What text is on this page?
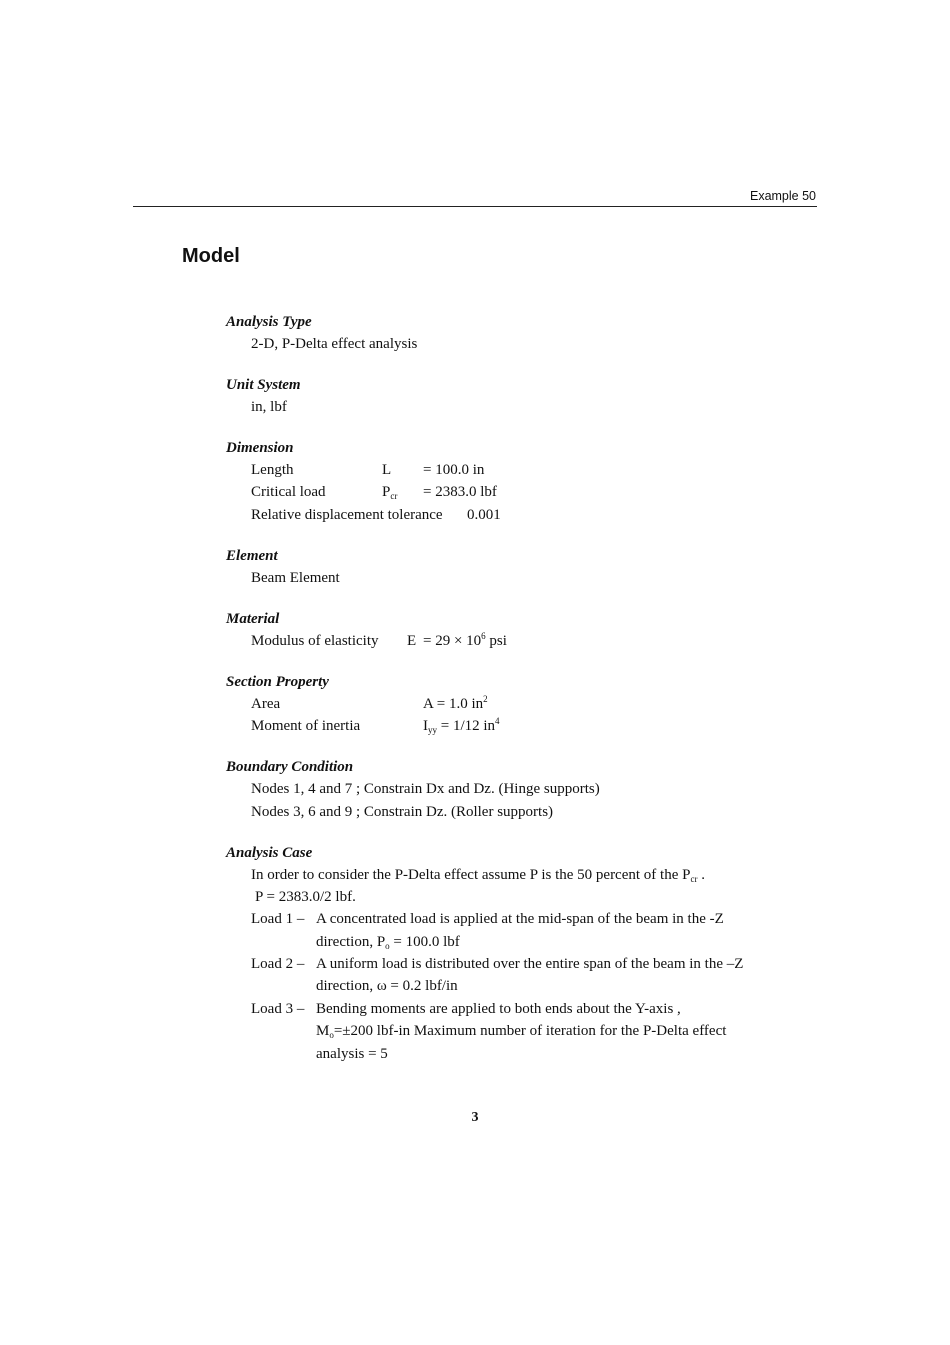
Example 50
Model
Analysis Type
2-D, P-Delta effect analysis
Unit System
in, lbf
Dimension
Length	L = 100.0 in
Critical load	$P_{cr} = 2383.0$ lbf
Relative displacement tolerance 0.001
Element
Beam Element
Material
Modulus of elasticity $E = 29 \times 10^6$ psi
Section Property
Area	A = 1.0 $in^2$
Moment of inertia	$I_{yy} = 1/12$ $in^4$
Boundary Condition
Nodes 1, 4 and 7 ; Constrain Dx and Dz. (Hinge supports)
Nodes 3, 6 and 9 ; Constrain Dz. (Roller supports)
Analysis Case
In order to consider the P-Delta effect assume P is the 50 percent of the $P_{cr}$ .
P = 2383.0/2 lbf.
Load 1 – A concentrated load is applied at the mid-span of the beam in the -Z
direction, $P_o = 100.0$ lbf
Load 2 – A uniform load is distributed over the entire span of the beam in the –Z
direction, ω = 0.2 lbf/in
Load 3 – Bending moments are applied to both ends about the Y-axis ,
$M_o=\pm 200$ lbf-in Maximum number of iteration for the P-Delta effect
analysis = 5
3
